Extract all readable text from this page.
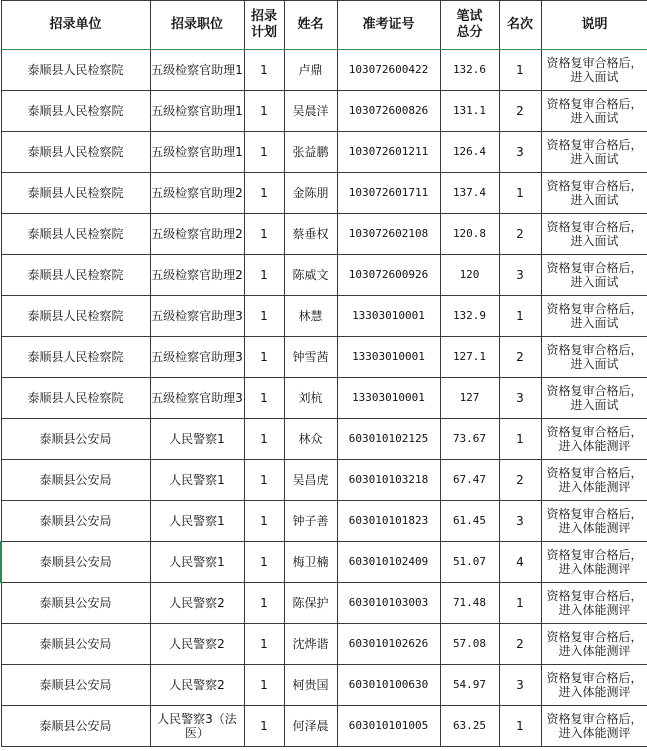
招录单位	招录职位	招录计划	姓名	准考证号	笔试总分	名次	说明
泰顺县人民检察院	五级检察官助理1	1	卢鼎	103072600422	132.6	1	资格复审合格后，进入面试
泰顺县人民检察院	五级检察官助理1	1	吴晨洋	103072600826	131.1	2	资格复审合格后，进入面试
泰顺县人民检察院	五级检察官助理1	1	张益鹏	103072601211	126.4	3	资格复审合格后，进入面试
泰顺县人民检察院	五级检察官助理2	1	金陈朋	103072601711	137.4	1	资格复审合格后，进入面试
泰顺县人民检察院	五级检察官助理2	1	蔡垂权	103072602108	120.8	2	资格复审合格后，进入面试
泰顺县人民检察院	五级检察官助理2	1	陈威文	103072600926	120	3	资格复审合格后，进入面试
泰顺县人民检察院	五级检察官助理3	1	林慧	13303010001	132.9	1	资格复审合格后，进入面试
泰顺县人民检察院	五级检察官助理3	1	钟雪茜	13303010001	127.1	2	资格复审合格后，进入面试
泰顺县人民检察院	五级检察官助理3	1	刘杭	13303010001	127	3	资格复审合格后，进入面试
泰顺县公安局	人民警察1	1	林众	603010102125	73.67	1	资格复审合格后，进入体能测评
泰顺县公安局	人民警察1	1	吴昌虎	603010103218	67.47	2	资格复审合格后，进入体能测评
泰顺县公安局	人民警察1	1	钟子善	603010101823	61.45	3	资格复审合格后，进入体能测评
泰顺县公安局	人民警察1	1	梅卫楠	603010102409	51.07	4	资格复审合格后，进入体能测评
泰顺县公安局	人民警察2	1	陈保护	603010103003	71.48	1	资格复审合格后，进入体能测评
泰顺县公安局	人民警察2	1	沈烨谐	603010102626	57.08	2	资格复审合格后，进入体能测评
泰顺县公安局	人民警察2	1	柯贵国	603010100630	54.97	3	资格复审合格后，进入体能测评
泰顺县公安局	人民警察3（法医）	1	何泽晨	603010101005	63.25	1	资格复审合格后，进入体能测评
